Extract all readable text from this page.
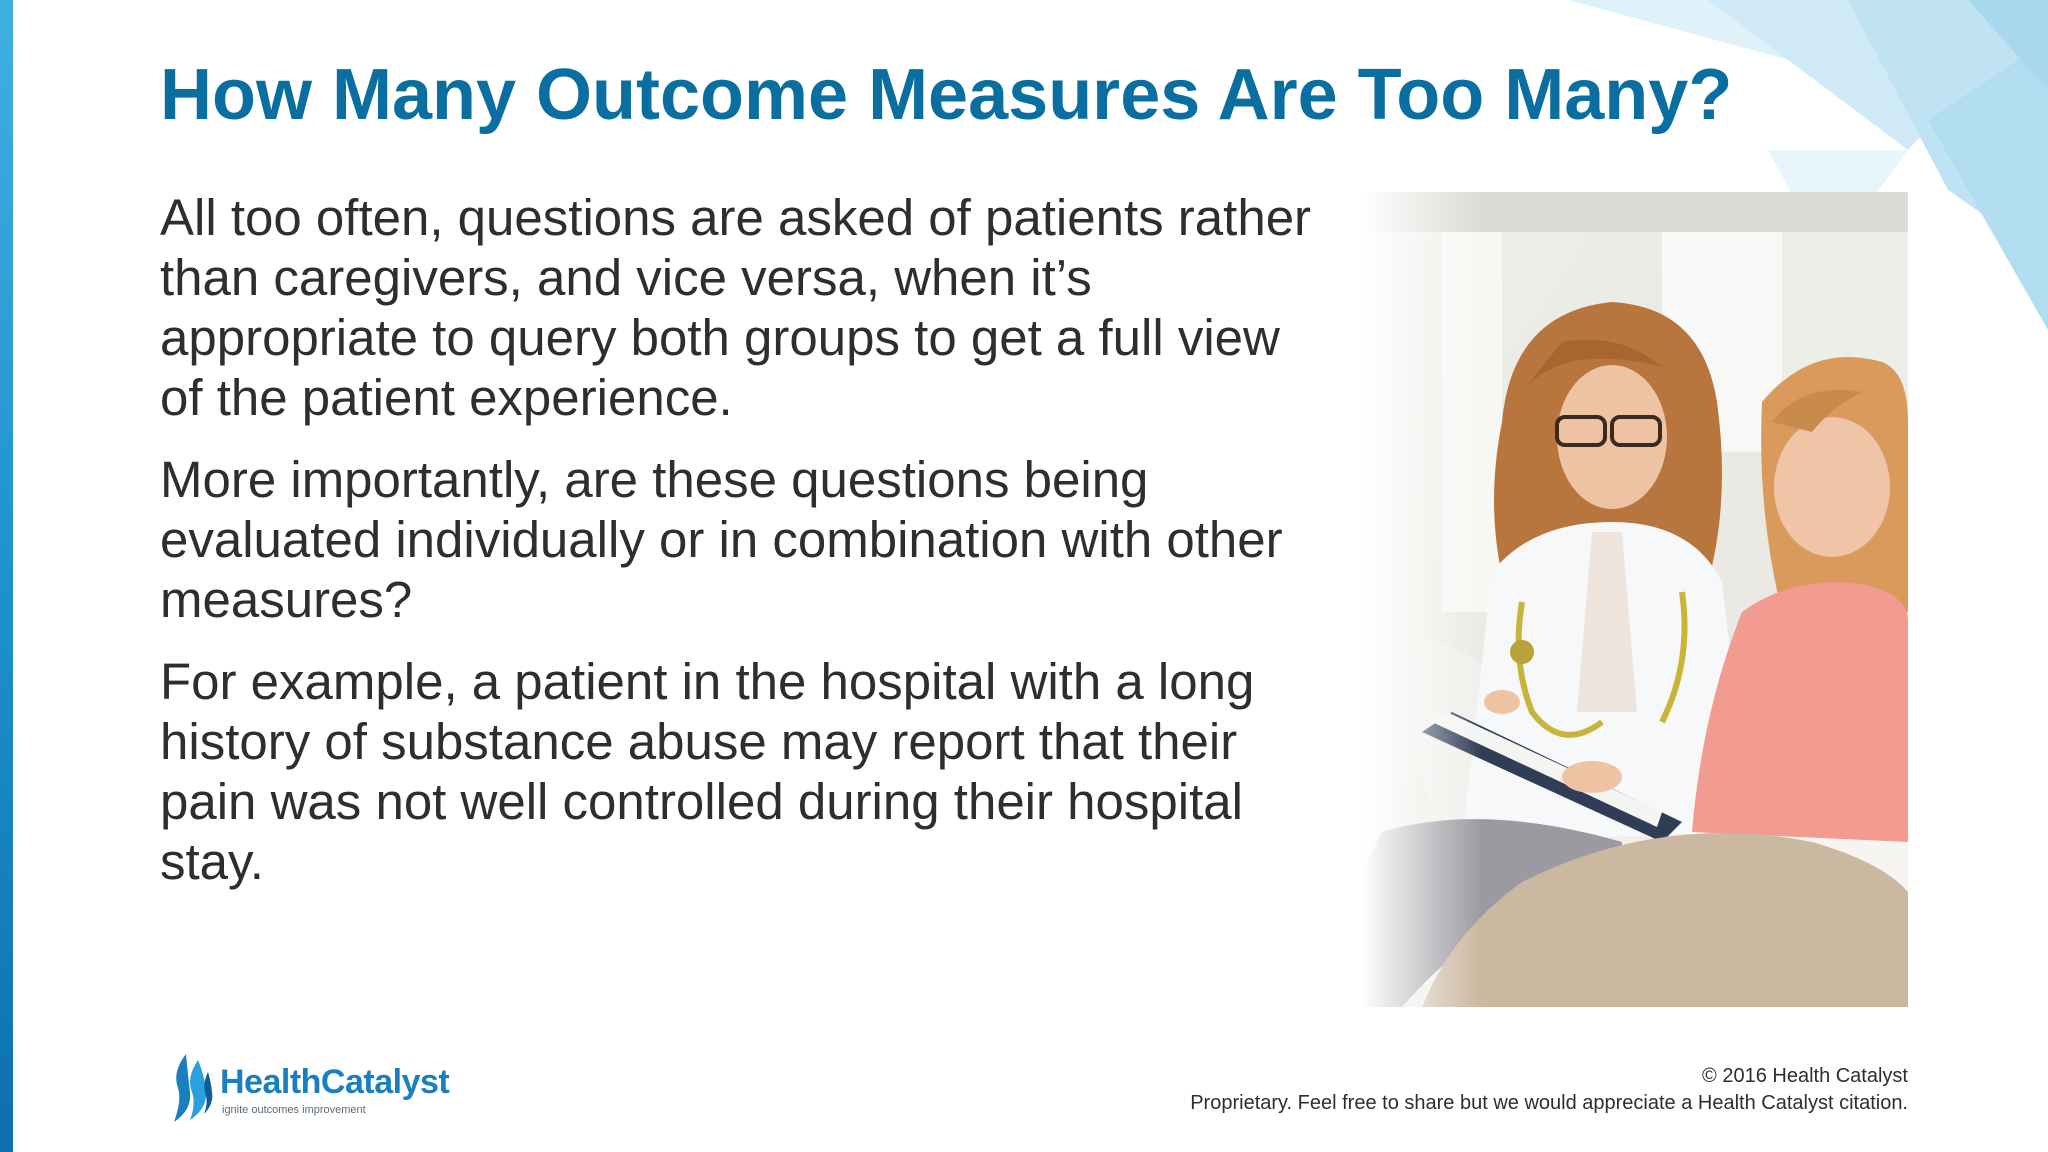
How Many Outcome Measures Are Too Many?

All too often, questions are asked of patients rather than caregivers, and vice versa, when it’s appropriate to query both groups to get a full view of the patient experience.

More importantly, are these questions being evaluated individually or in combination with other measures?

For example, a patient in the hospital with a long history of substance abuse may report that their pain was not well controlled during their hospital stay.

HealthCatalyst
ignite outcomes improvement
© 2016 Health Catalyst
Proprietary. Feel free to share but we would appreciate a Health Catalyst citation.
